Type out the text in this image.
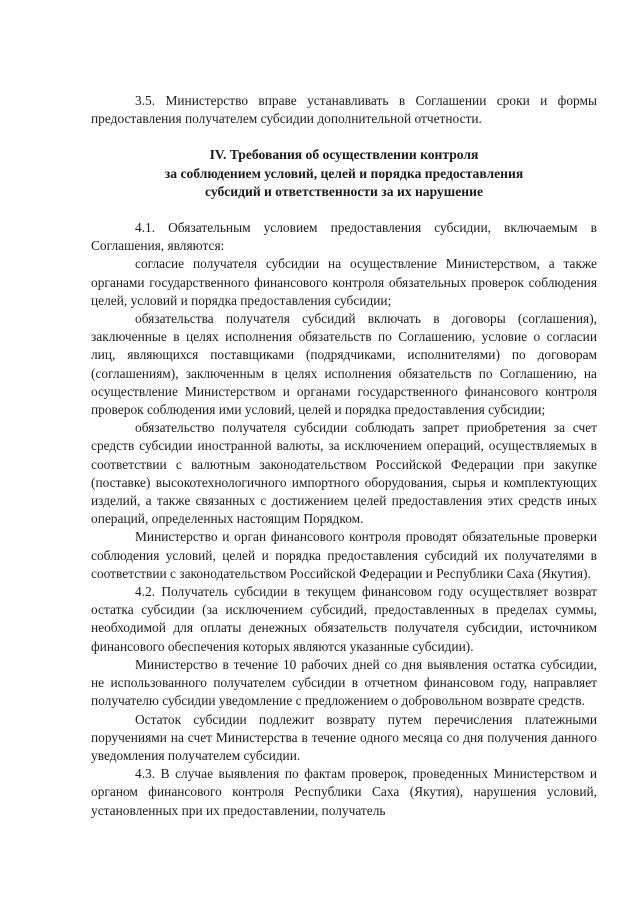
3.5. Министерство вправе устанавливать в Соглашении сроки и формы предоставления получателем субсидии дополнительной отчетности.

IV. Требования об осуществлении контроля
за соблюдением условий, целей и порядка предоставления
субсидий и ответственности за их нарушение

4.1. Обязательным условием предоставления субсидии, включаемым в Соглашения, являются:

согласие получателя субсидии на осуществление Министерством, а также органами государственного финансового контроля обязательных проверок соблюдения целей, условий и порядка предоставления субсидии;

обязательства получателя субсидий включать в договоры (соглашения), заключенные в целях исполнения обязательств по Соглашению, условие о согласии лиц, являющихся поставщиками (подрядчиками, исполнителями) по договорам (соглашениям), заключенным в целях исполнения обязательств по Соглашению, на осуществление Министерством и органами государственного финансового контроля проверок соблюдения ими условий, целей и порядка предоставления субсидии;

обязательство получателя субсидии соблюдать запрет приобретения за счет средств субсидии иностранной валюты, за исключением операций, осуществляемых в соответствии с валютным законодательством Российской Федерации при закупке (поставке) высокотехнологичного импортного оборудования, сырья и комплектующих изделий, а также связанных с достижением целей предоставления этих средств иных операций, определенных настоящим Порядком.

Министерство и орган финансового контроля проводят обязательные проверки соблюдения условий, целей и порядка предоставления субсидий их получателями в соответствии с законодательством Российской Федерации и Республики Саха (Якутия).

4.2. Получатель субсидии в текущем финансовом году осуществляет возврат остатка субсидии (за исключением субсидий, предоставленных в пределах суммы, необходимой для оплаты денежных обязательств получателя субсидии, источником финансового обеспечения которых являются указанные субсидии).

Министерство в течение 10 рабочих дней со дня выявления остатка субсидии, не использованного получателем субсидии в отчетном финансовом году, направляет получателю субсидии уведомление с предложением о добровольном возврате средств.

Остаток субсидии подлежит возврату путем перечисления платежными поручениями на счет Министерства в течение одного месяца со дня получения данного уведомления получателем субсидии.

4.3. В случае выявления по фактам проверок, проведенных Министерством и органом финансового контроля Республики Саха (Якутия), нарушения условий, установленных при их предоставлении, получатель
